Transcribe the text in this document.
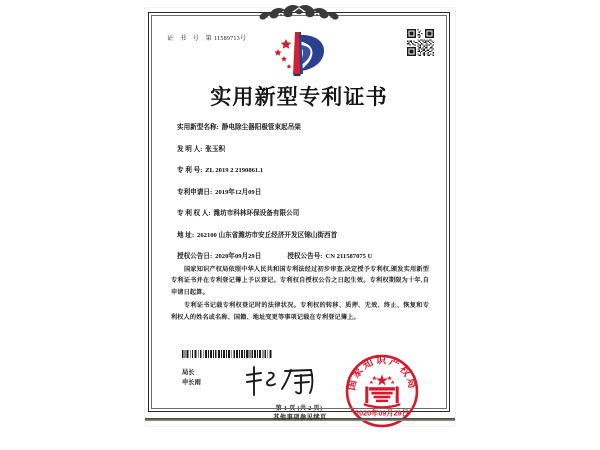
证 书 号 第11589713号
实用新型专利证书
实用新型名称: 静电除尘器阳极管束起吊架
发 明 人: 张玉积
专 利 号: ZL 2019 2 2190861.1
专利申请日: 2019年12月09日
专 利 权 人: 潍坊市科林环保设备有限公司
地 址: 262100 山东省潍坊市安丘经济开发区锦山街西首
授权公告日: 2020年09月29日	授权公告号: CN 211587075 U

国家知识产权局依照中华人民共和国专利法经过初步审查,决定授予专利权,颁发实用新型专利证书并在专利登记簿上予以登记。专利权自授权公告之日起生效。专利权期限为十年,自申请日起算。

专利证书记载专利权登记时的法律状况。专利权的转移、质押、无效、终止、恢复和专利权人的姓名或名称、国籍、地址变更等事项记载在专利登记簿上。

局长
申长雨	国家知识产权局
2020年09月29日
第 1 页 (共 2 页)
其他事项参见续页
